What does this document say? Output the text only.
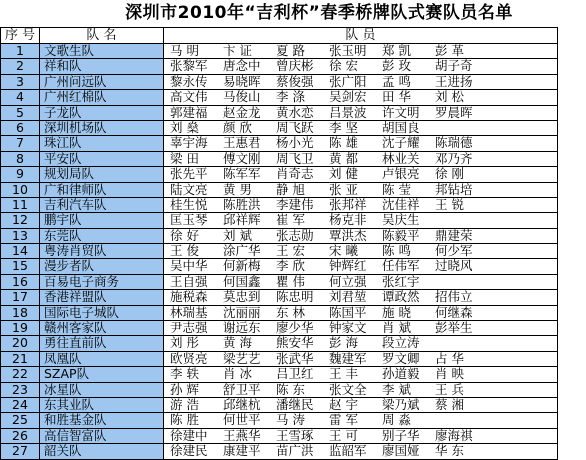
深圳市2010年“吉利杯”春季桥牌队式赛队员名单
序 号	队 名	队 员
1	文歌生队	马 明	卞 证	夏 路	张玉明	郑 凯	彭 革
2	祥和队	张黎军	唐念中	曾庆彬	徐 宏	彭 玫	胡子奇
3	广州问远队	黎永传	易晓晖	蔡俊强	张广阳	孟 鸣	王进扬
4	广州红棉队	高文伟	马俊山	李 涤	吴剑宏	田 华	刘 松
5	子龙队	郭建福	赵金龙	黄水恋	吕景波	许文明	罗晨晖
6	深圳机场队	刘 燊	颜 欣	周飞跃	李 坚	胡国良
7	珠江队	辜宇海	王惠君	杨小光	陈 雄	沈子耀	陈瑞德
8	平安队	梁 田	傅文刚	周飞卫	黄 都	林业关	邓乃齐
9	规划局队	张先平	陈军军	肖奇志	刘 健	卢银亮	徐 刚
10	广和律师队	陆文亮	黄 男	静 旭	张 亚	陈 莹	邦钻培
11	吉利汽车队	桂生悦	陈胜洪	李建伟	张邦祥	沈佳祥	王 锐
12	鹏宇队	匡玉琴	邱祥辉	崔 军	杨克非	吴庆生
13	东莞队	徐 好	刘 斌	张志勋	覃洪杰	陈毅平	鼎建荣
14	粤涛肖贸队	王 俊	涂广华	王 宏	宋 曦	陈 鸣	何少军
15	漫步者队	吴中华	何新梅	李 欣	钟辉红	任伟军	过晓风
16	百易电子商务	王自强	何国鑫	瞿 伟	何立强	张红宇
17	香港祥盟队	施税森	莫忠到	陈忠明	刘君堃	谭政然	招伟立
18	国际电子城队	林瑞基	沈丽丽	东 林	陈国平	施 晓	何继森
19	赣州客家队	尹志强	谢远东	廖少华	钟家文	肖 斌	彭举生
20	勇往直前队	刘 彤	黄 海	熊安华	彭 海	段立涛
21	凤凰队	欧贤亮	梁艺艺	张武华	魏建军	罗文卿	占 华
22	SZAP队	李 轶	肖 冰	吕卫红	王 丰	孙道毅	肖 映
23	冰星队	孙 辉	舒卫平	陈 东	张文全	李 斌	王 兵
24	东其业队	游 浩	邱继杭	潘继民	赵 宇	梁乃斌	蔡 湘
25	和胜基金队	陈 胜	何世平	马 涛	雷 军	周 淼
26	高信智富队	徐建中	王燕华	王雪琢	王 可	别子华	廖海祺
27	韶关队	徐建民	康建平	苗广洪	监韶军	廖国娅	华 东
